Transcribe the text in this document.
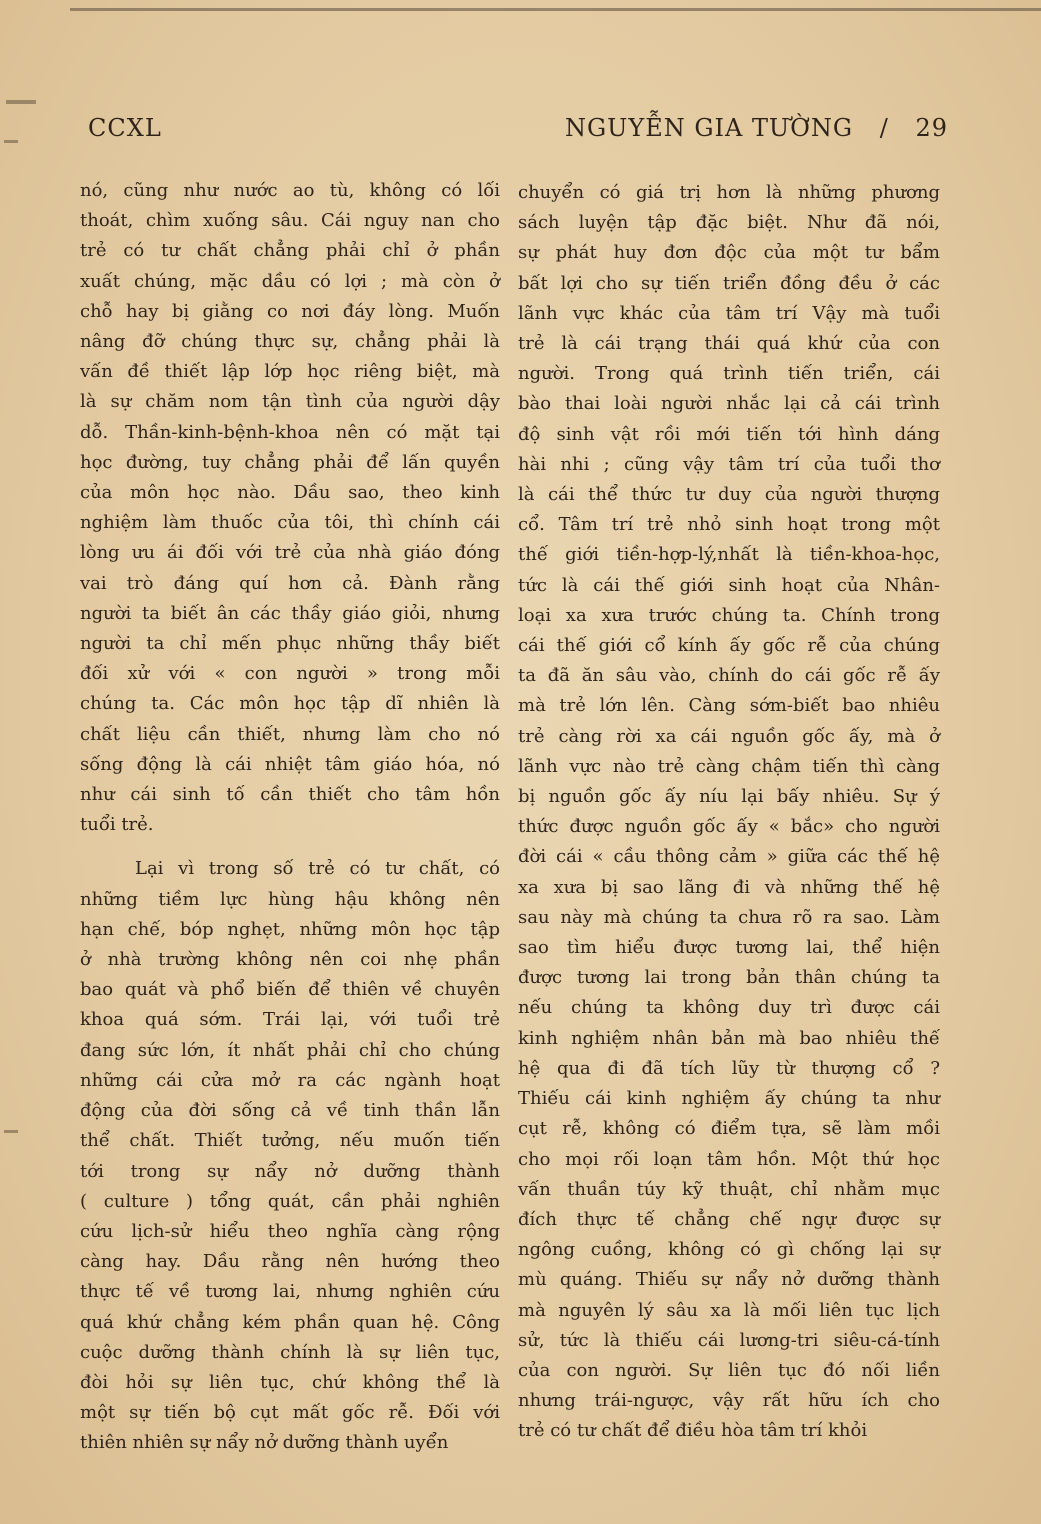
CCXL	NGUYỄN GIA TƯỜNG / 29

nó, cũng như nước ao tù, không có lối

thoát, chìm xuống sâu. Cái nguy nan cho

trẻ có tư chất chẳng phải chỉ ở phần

xuất chúng, mặc dầu có lợi ; mà còn ở

chỗ hay bị giằng co nơi đáy lòng. Muốn

nâng đỡ chúng thực sự, chẳng phải là

vấn đề thiết lập lớp học riêng biệt, mà

là sự chăm nom tận tình của người dậy

dỗ. Thần-kinh-bệnh-khoa nên có mặt tại

học đường, tuy chẳng phải để lấn quyền

của môn học nào. Dầu sao, theo kinh

nghiệm làm thuốc của tôi, thì chính cái

lòng ưu ái đối với trẻ của nhà giáo đóng

vai trò đáng quí hơn cả. Đành rằng

người ta biết ân các thầy giáo giỏi, nhưng

người ta chỉ mến phục những thầy biết

đối xử với « con người » trong mỗi

chúng ta. Các môn học tập dĩ nhiên là

chất liệu cần thiết, nhưng làm cho nó

sống động là cái nhiệt tâm giáo hóa, nó

như cái sinh tố cần thiết cho tâm hồn

tuổi trẻ.

Lại vì trong số trẻ có tư chất, có

những tiềm lực hùng hậu không nên

hạn chế, bóp nghẹt, những môn học tập

ở nhà trường không nên coi nhẹ phần

bao quát và phổ biến để thiên về chuyên

khoa quá sớm. Trái lại, với tuổi trẻ

đang sức lớn, ít nhất phải chỉ cho chúng

những cái cửa mở ra các ngành hoạt

động của đời sống cả về tinh thần lẫn

thể chất. Thiết tưởng, nếu muốn tiến

tới trong sự nẩy nở dưỡng thành

( culture ) tổng quát, cần phải nghiên

cứu lịch-sử hiểu theo nghĩa càng rộng

càng hay. Dầu rằng nên hướng theo

thực tế về tương lai, nhưng nghiên cứu

quá khứ chẳng kém phần quan hệ. Công

cuộc dưỡng thành chính là sự liên tục,

đòi hỏi sự liên tục, chứ không thể là

một sự tiến bộ cụt mất gốc rễ. Đối với

thiên nhiên sự nẩy nở dưỡng thành uyển

chuyển có giá trị hơn là những phương

sách luyện tập đặc biệt. Như đã nói,

sự phát huy đơn độc của một tư bẩm

bất lợi cho sự tiến triển đồng đều ở các

lãnh vực khác của tâm trí Vậy mà tuổi

trẻ là cái trạng thái quá khứ của con

người. Trong quá trình tiến triển, cái

bào thai loài người nhắc lại cả cái trình

độ sinh vật rồi mới tiến tới hình dáng

hài nhi ; cũng vậy tâm trí của tuổi thơ

là cái thể thức tư duy của người thượng

cổ. Tâm trí trẻ nhỏ sinh hoạt trong một

thế giới tiền-hợp-lý,nhất là tiền-khoa-học,

tức là cái thế giới sinh hoạt của Nhân-

loại xa xưa trước chúng ta. Chính trong

cái thế giới cổ kính ấy gốc rễ của chúng

ta đã ăn sâu vào, chính do cái gốc rễ ấy

mà trẻ lớn lên. Càng sớm-biết bao nhiêu

trẻ càng rời xa cái nguồn gốc ấy, mà ở

lãnh vực nào trẻ càng chậm tiến thì càng

bị nguồn gốc ấy níu lại bấy nhiêu. Sự ý

thức được nguồn gốc ấy « bắc» cho người

đời cái « cầu thông cảm » giữa các thế hệ

xa xưa bị sao lãng đi và những thế hệ

sau này mà chúng ta chưa rõ ra sao. Làm

sao tìm hiểu được tương lai, thể hiện

được tương lai trong bản thân chúng ta

nếu chúng ta không duy trì được cái

kinh nghiệm nhân bản mà bao nhiêu thế

hệ qua đi đã tích lũy từ thượng cổ ?

Thiếu cái kinh nghiệm ấy chúng ta như

cụt rễ, không có điểm tựa, sẽ làm mồi

cho mọi rối loạn tâm hồn. Một thứ học

vấn thuần túy kỹ thuật, chỉ nhằm mục

đích thực tế chẳng chế ngự được sự

ngông cuồng, không có gì chống lại sự

mù quáng. Thiếu sự nẩy nở dưỡng thành

mà nguyên lý sâu xa là mối liên tục lịch

sử, tức là thiếu cái lương-tri siêu-cá-tính

của con người. Sự liên tục đó nối liền

nhưng trái-ngược, vậy rất hữu ích cho

trẻ có tư chất để điều hòa tâm trí khỏi
